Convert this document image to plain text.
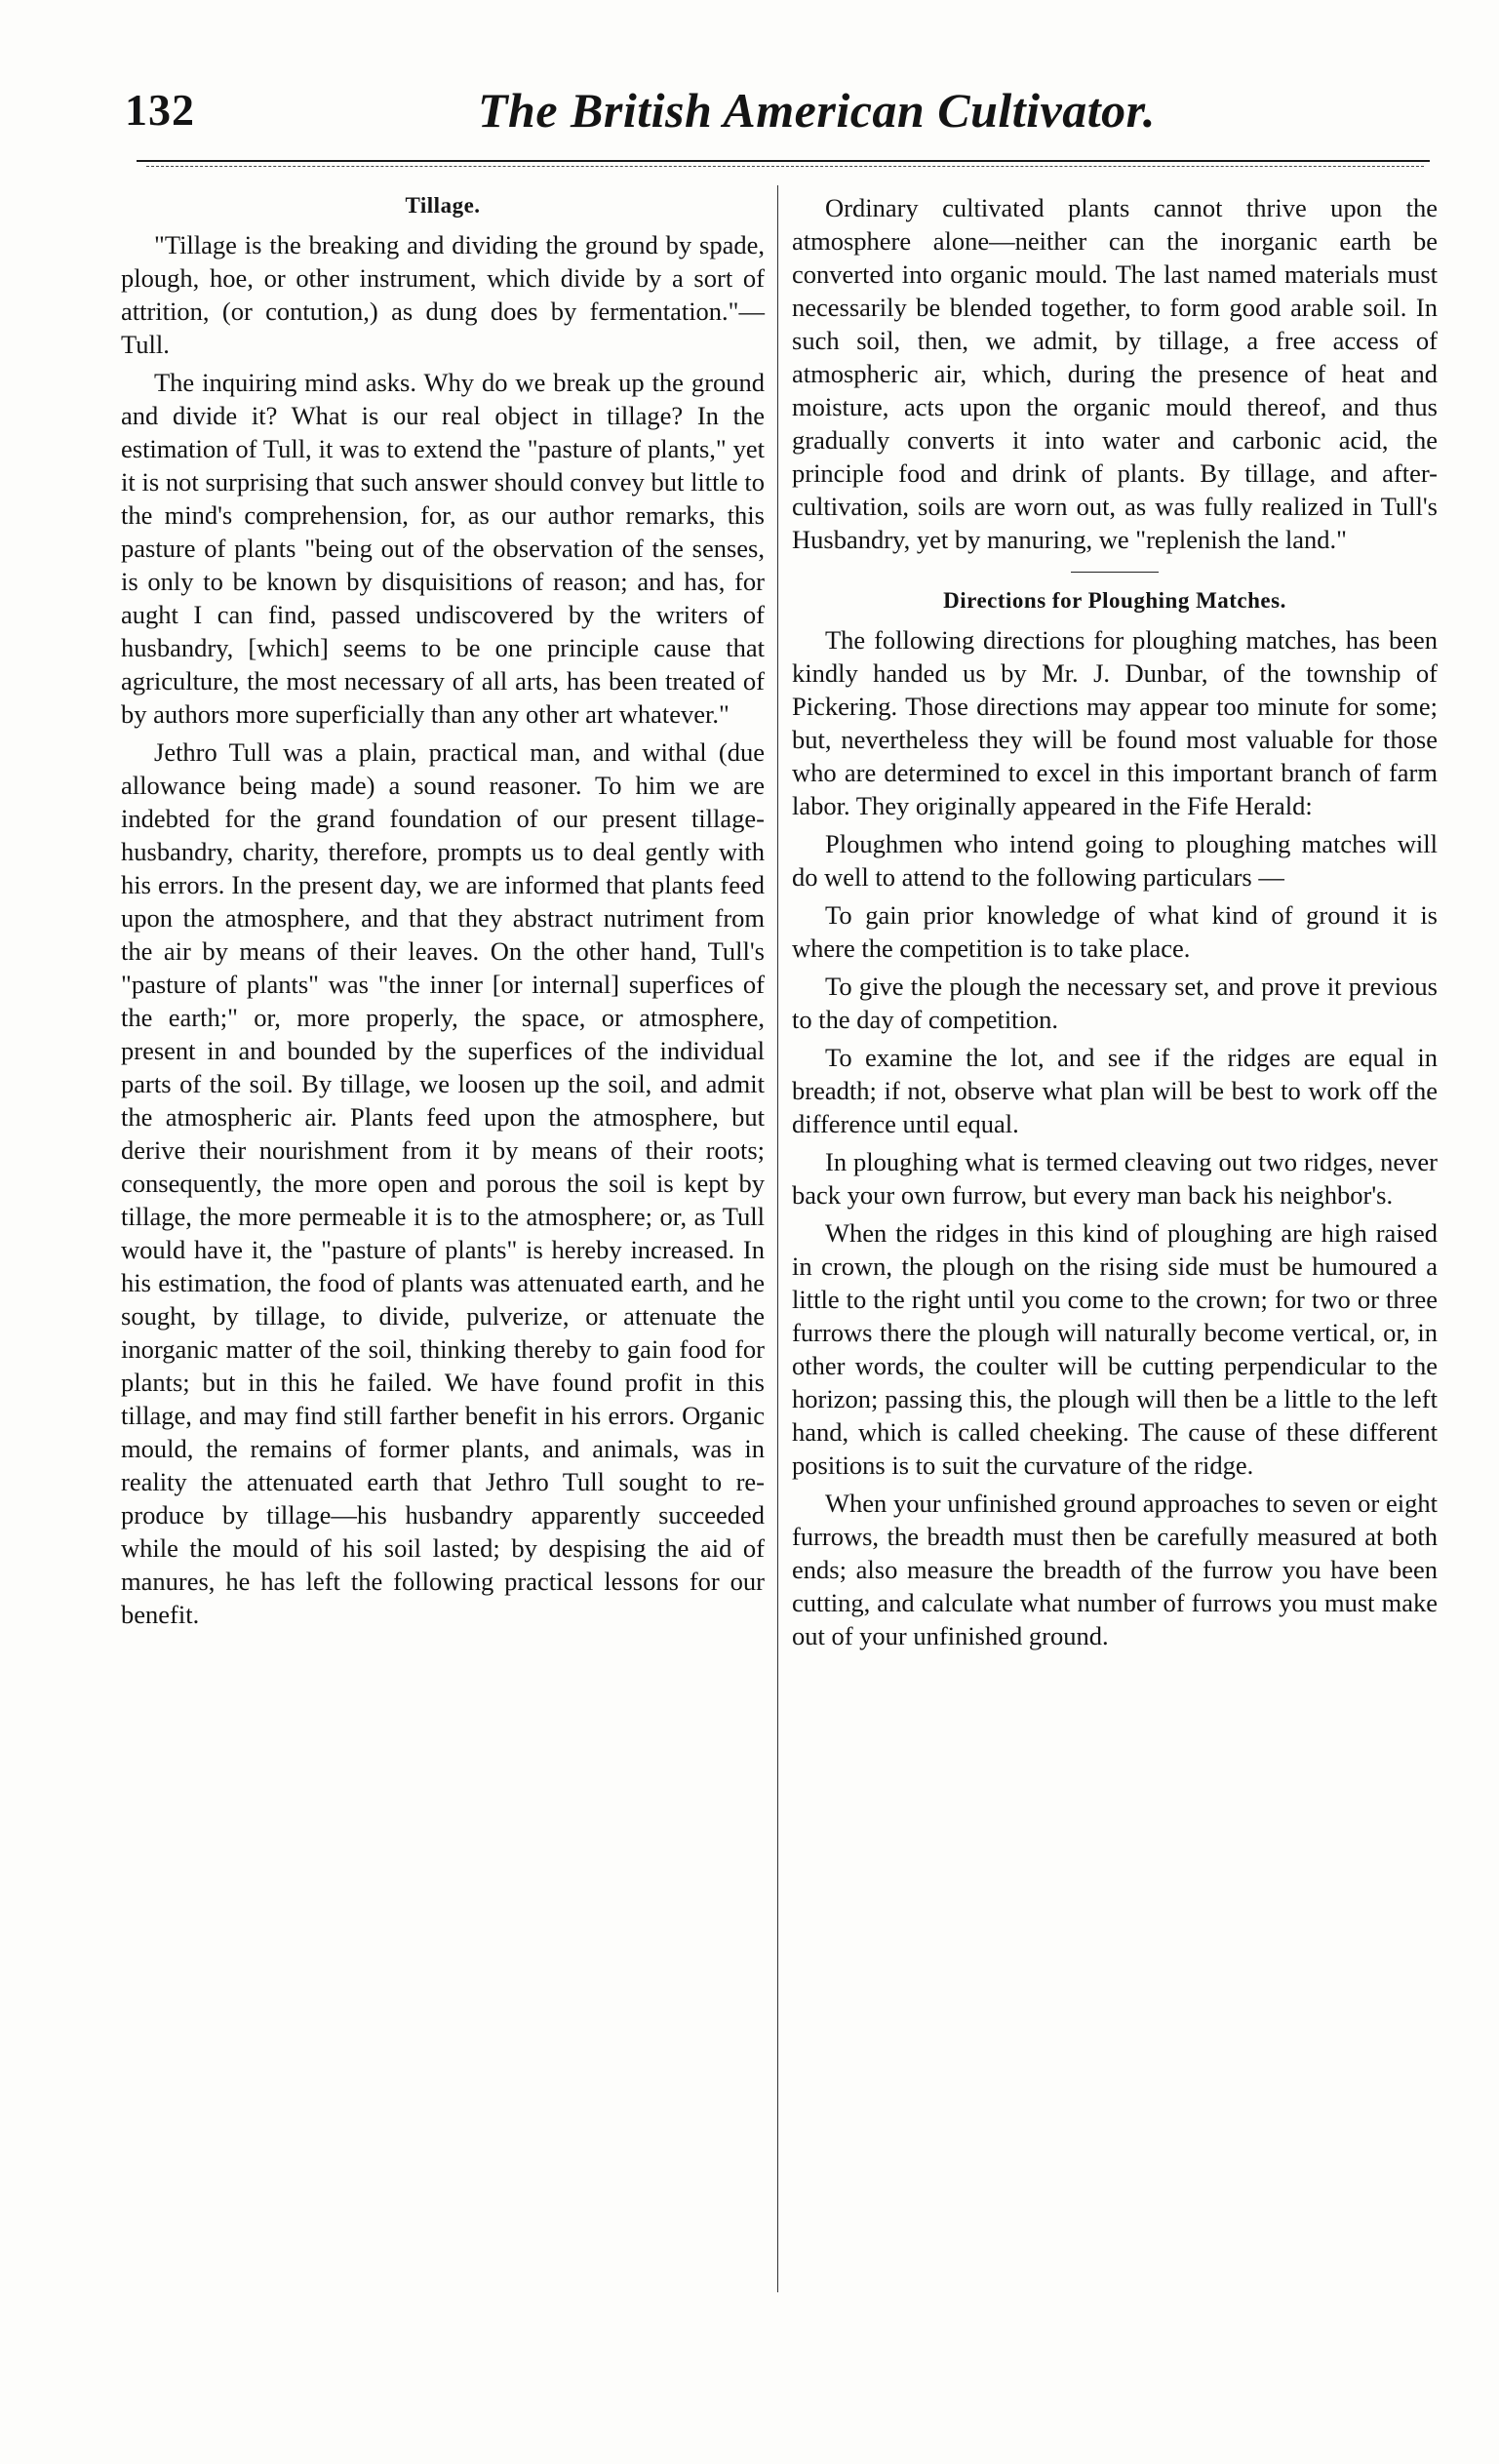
132	The British American Cultivator.
Tillage.

"Tillage is the breaking and dividing the ground by spade, plough, hoe, or other instrument, which divide by a sort of attrition, (or contution,) as dung does by fermentation."—Tull.

The inquiring mind asks. Why do we break up the ground and divide it? What is our real object in tillage? In the estimation of Tull, it was to extend the "pasture of plants," yet it is not surprising that such answer should convey but little to the mind's comprehension, for, as our author remarks, this pasture of plants "being out of the observation of the senses, is only to be known by disquisitions of reason; and has, for aught I can find, passed undiscovered by the writers of husbandry, [which] seems to be one principle cause that agriculture, the most necessary of all arts, has been treated of by authors more superficially than any other art whatever."

Jethro Tull was a plain, practical man, and withal (due allowance being made) a sound reasoner. To him we are indebted for the grand foundation of our present tillage-husbandry, charity, therefore, prompts us to deal gently with his errors. In the present day, we are informed that plants feed upon the atmosphere, and that they abstract nutriment from the air by means of their leaves. On the other hand, Tull's "pasture of plants" was "the inner [or internal] superfices of the earth;" or, more properly, the space, or atmosphere, present in and bounded by the superfices of the individual parts of the soil. By tillage, we loosen up the soil, and admit the atmospheric air. Plants feed upon the atmosphere, but derive their nourishment from it by means of their roots; consequently, the more open and porous the soil is kept by tillage, the more permeable it is to the atmosphere; or, as Tull would have it, the "pasture of plants" is hereby increased. In his estimation, the food of plants was attenuated earth, and he sought, by tillage, to divide, pulverize, or attenuate the inorganic matter of the soil, thinking thereby to gain food for plants; but in this he failed. We have found profit in this tillage, and may find still farther benefit in his errors. Organic mould, the remains of former plants, and animals, was in reality the attenuated earth that Jethro Tull sought to re-produce by tillage—his husbandry apparently succeeded while the mould of his soil lasted; by despising the aid of manures, he has left the following practical lessons for our benefit.

Ordinary cultivated plants cannot thrive upon the atmosphere alone—neither can the inorganic earth be converted into organic mould. The last named materials must necessarily be blended together, to form good arable soil. In such soil, then, we admit, by tillage, a free access of atmospheric air, which, during the presence of heat and moisture, acts upon the organic mould thereof, and thus gradually converts it into water and carbonic acid, the principle food and drink of plants. By tillage, and after-cultivation, soils are worn out, as was fully realized in Tull's Husbandry, yet by manuring, we "replenish the land."

Directions for Ploughing Matches.

The following directions for ploughing matches, has been kindly handed us by Mr. J. Dunbar, of the township of Pickering. Those directions may appear too minute for some; but, nevertheless they will be found most valuable for those who are determined to excel in this important branch of farm labor. They originally appeared in the Fife Herald:

Ploughmen who intend going to ploughing matches will do well to attend to the following particulars —

To gain prior knowledge of what kind of ground it is where the competition is to take place.

To give the plough the necessary set, and prove it previous to the day of competition.

To examine the lot, and see if the ridges are equal in breadth; if not, observe what plan will be best to work off the difference until equal.

In ploughing what is termed cleaving out two ridges, never back your own furrow, but every man back his neighbor's.

When the ridges in this kind of ploughing are high raised in crown, the plough on the rising side must be humoured a little to the right until you come to the crown; for two or three furrows there the plough will naturally become vertical, or, in other words, the coulter will be cutting perpendicular to the horizon; passing this, the plough will then be a little to the left hand, which is called cheeking. The cause of these different positions is to suit the curvature of the ridge.

When your unfinished ground approaches to seven or eight furrows, the breadth must then be carefully measured at both ends; also measure the breadth of the furrow you have been cutting, and calculate what number of furrows you must make out of your unfinished ground.
